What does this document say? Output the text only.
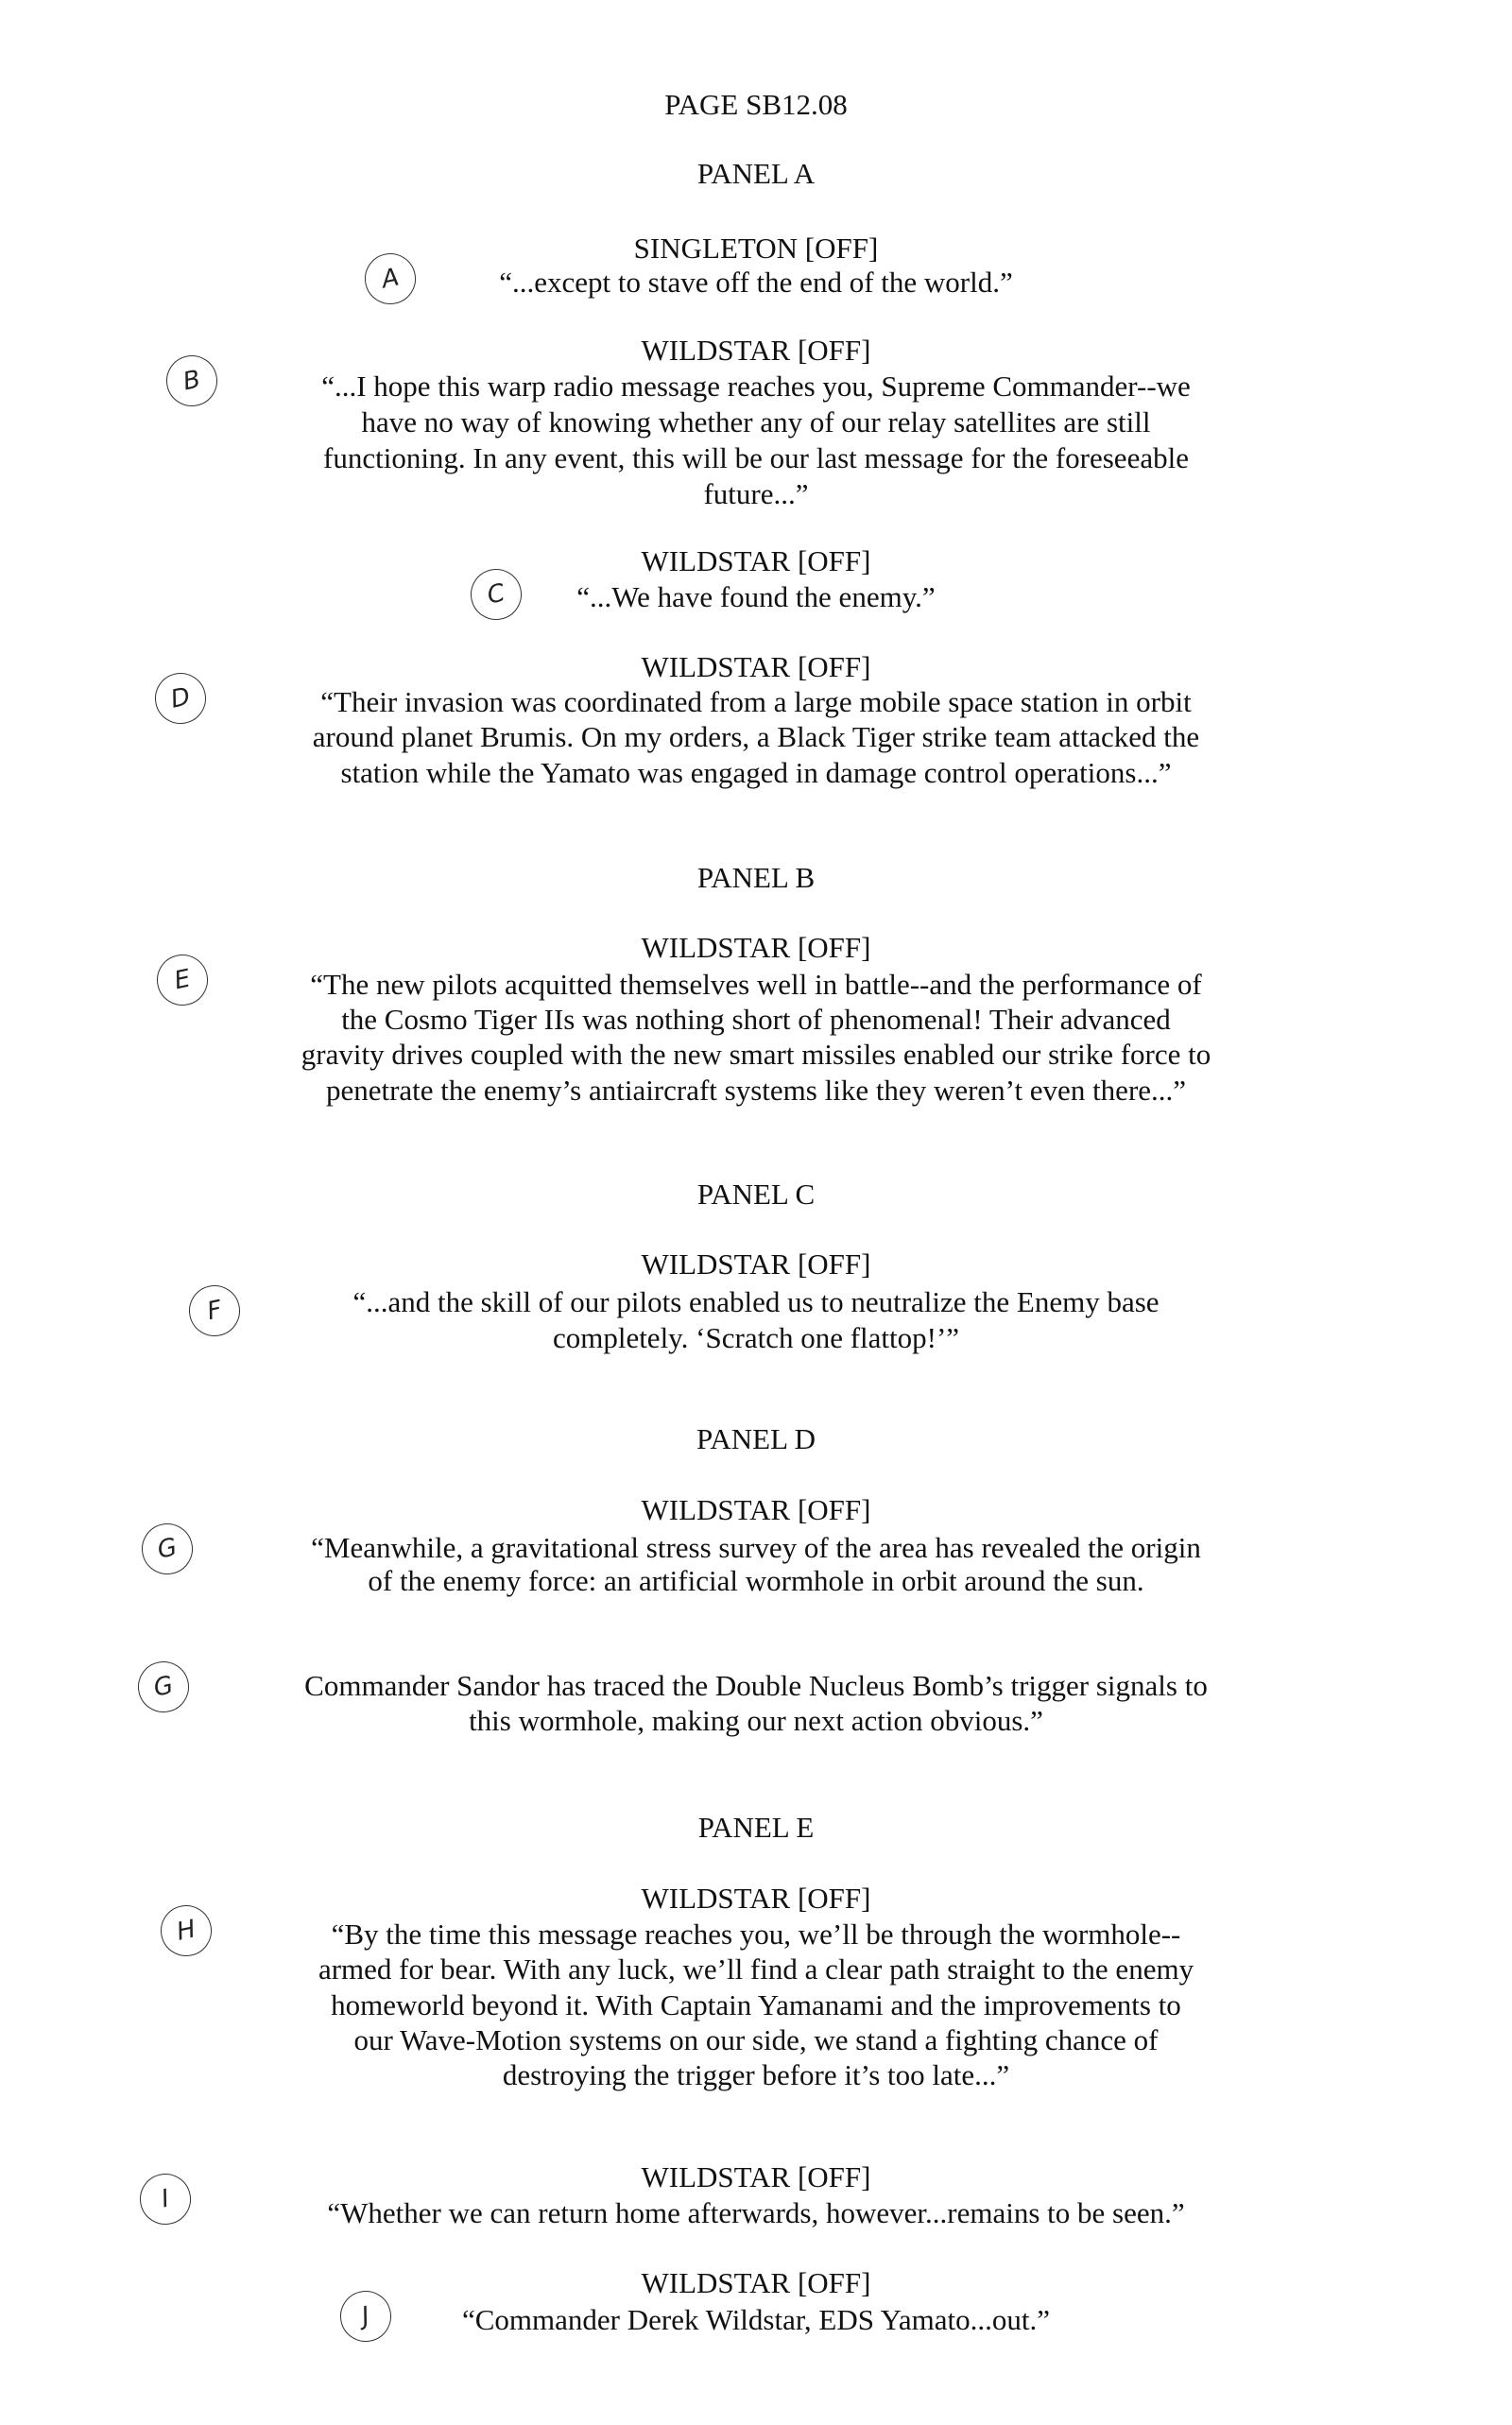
PAGE SB12.08
PANEL A
SINGLETON [OFF]
A	“...except to stave off the end of the world.”
WILDSTAR [OFF]
B	“...I hope this warp radio message reaches you, Supreme Commander--we
have no way of knowing whether any of our relay satellites are still
functioning. In any event, this will be our last message for the foreseeable
future...”
WILDSTAR [OFF]
C	“...We have found the enemy.”
WILDSTAR [OFF]
D	“Their invasion was coordinated from a large mobile space station in orbit
around planet Brumis. On my orders, a Black Tiger strike team attacked the
station while the Yamato was engaged in damage control operations...”
PANEL B
WILDSTAR [OFF]
E	“The new pilots acquitted themselves well in battle--and the performance of
the Cosmo Tiger IIs was nothing short of phenomenal! Their advanced
gravity drives coupled with the new smart missiles enabled our strike force to
penetrate the enemy’s antiaircraft systems like they weren’t even there...”
PANEL C
WILDSTAR [OFF]
F	“...and the skill of our pilots enabled us to neutralize the Enemy base
completely. ‘Scratch one flattop!’”
PANEL D
WILDSTAR [OFF]
G	“Meanwhile, a gravitational stress survey of the area has revealed the origin
of the enemy force: an artificial wormhole in orbit around the sun.
G	Commander Sandor has traced the Double Nucleus Bomb’s trigger signals to
this wormhole, making our next action obvious.”
PANEL E
WILDSTAR [OFF]
H	“By the time this message reaches you, we’ll be through the wormhole--
armed for bear. With any luck, we’ll find a clear path straight to the enemy
homeworld beyond it. With Captain Yamanami and the improvements to
our Wave-Motion systems on our side, we stand a fighting chance of
destroying the trigger before it’s too late...”
WILDSTAR [OFF]
I	“Whether we can return home afterwards, however...remains to be seen.”
WILDSTAR [OFF]
J	“Commander Derek Wildstar, EDS Yamato...out.”
